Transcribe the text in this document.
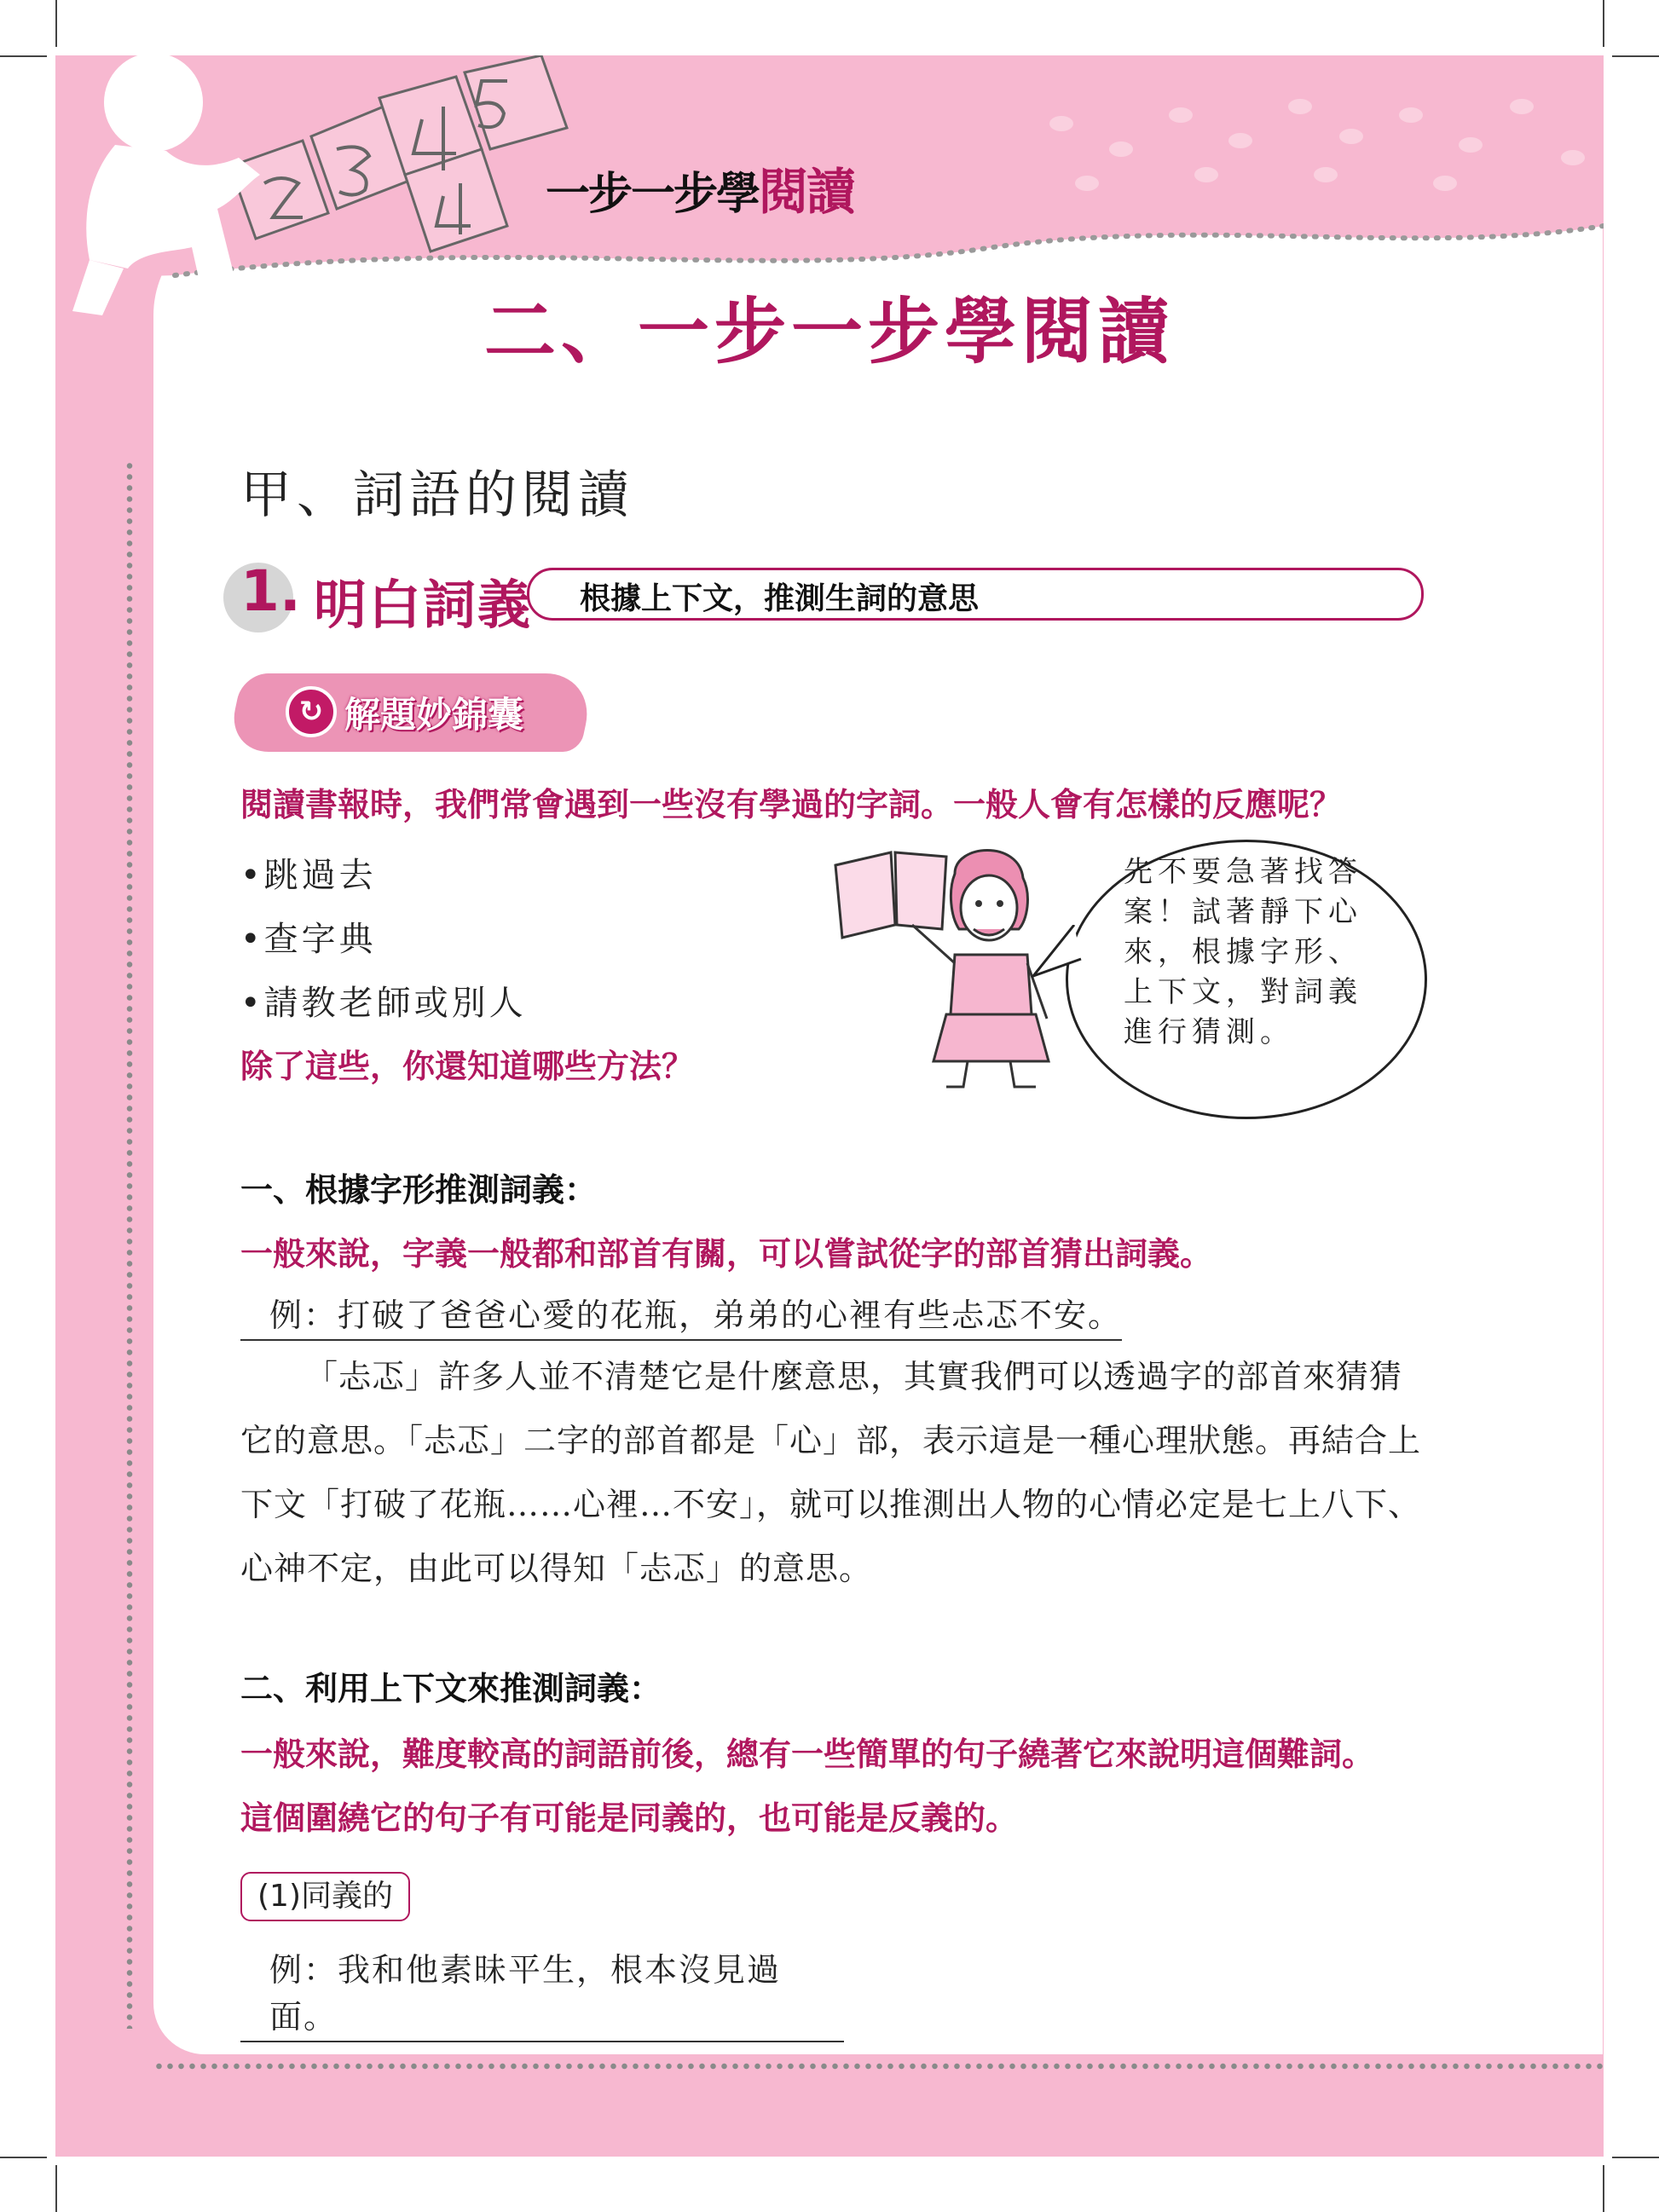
一步一步學閱讀
二、一步一步學閱讀
甲、詞語的閱讀
1. 明白詞義 根據上下文，推測生詞的意思
↻ 解題妙錦囊
閱讀書報時，我們常會遇到一些沒有學過的字詞。一般人會有怎樣的反應呢？
•跳過去
•查字典
•請教老師或別人
除了這些，你還知道哪些方法？
先不要急著找答案！試著靜下心來，根據字形、上下文，對詞義進行猜測。
一、根據字形推測詞義：
一般來說，字義一般都和部首有關，可以嘗試從字的部首猜出詞義。
例：打破了爸爸心愛的花瓶，弟弟的心裡有些忐忑不安。
「忐忑」許多人並不清楚它是什麼意思，其實我們可以透過字的部首來猜猜它的意思。「忐忑」二字的部首都是「心」部，表示這是一種心理狀態。再結合上下文「打破了花瓶……心裡…不安」，就可以推測出人物的心情必定是七上八下、心神不定，由此可以得知「忐忑」的意思。
二、利用上下文來推測詞義：
一般來說，難度較高的詞語前後，總有一些簡單的句子繞著它來說明這個難詞。
這個圍繞它的句子有可能是同義的，也可能是反義的。
(1)同義的
例：我和他素昧平生，根本沒見過面。
